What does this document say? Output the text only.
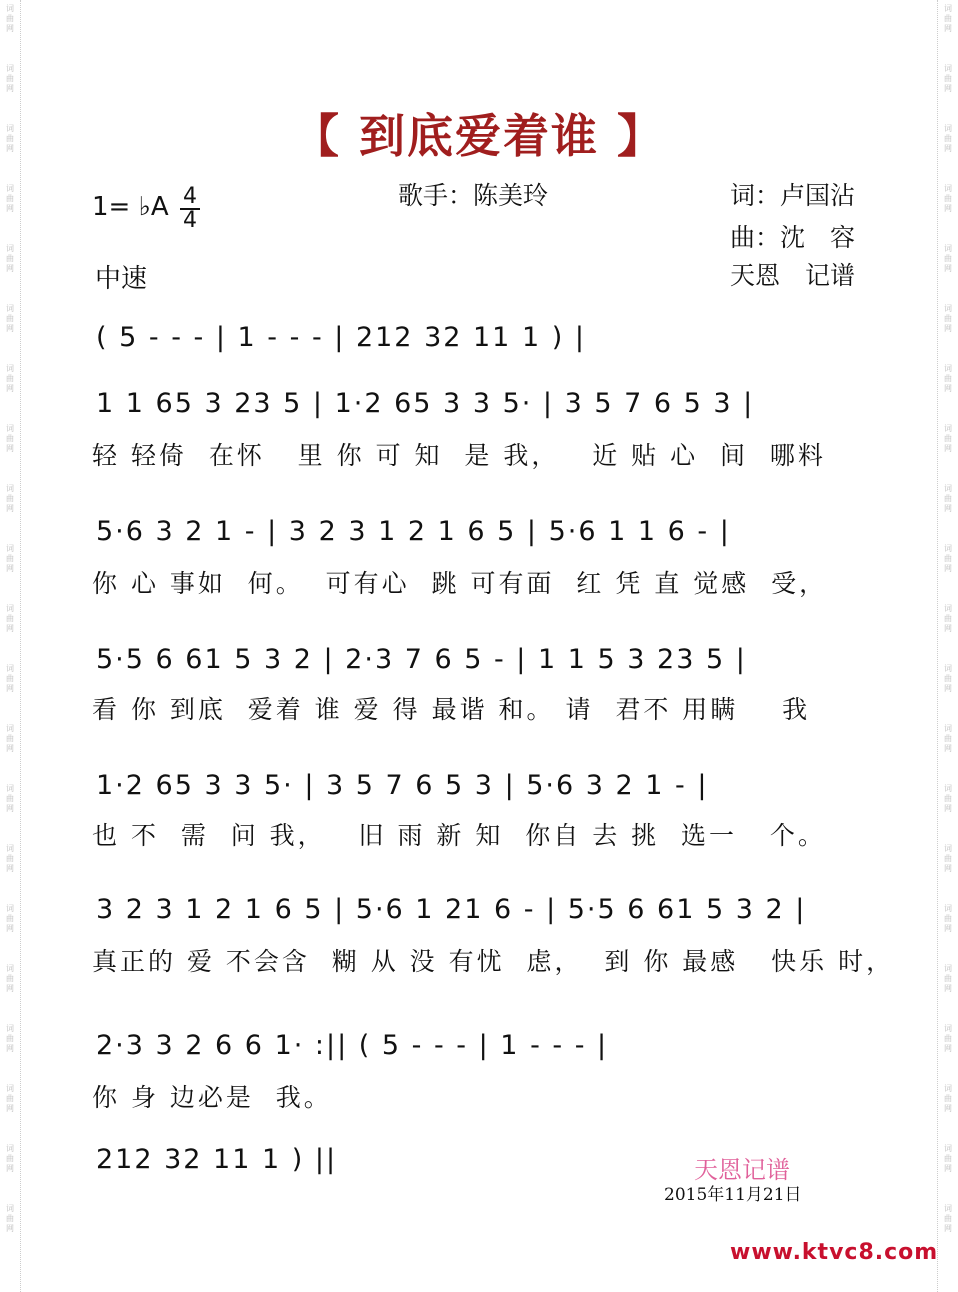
词
曲
网
词
曲
网
词
曲
网
词
曲
网
词
曲
网
词
曲
网
词
曲
网
词
曲
网
词
曲
网
词
曲
网
词
曲
网
词
曲
网
词
曲
网
词
曲
网
词
曲
网
词
曲
网
词
曲
网
词
曲
网
词
曲
网
词
曲
网
词
曲
网
词
曲
网
词
曲
网
词
曲
网
词
曲
网
词
曲
网
词
曲
网
词
曲
网
词
曲
网
词
曲
网
词
曲
网
词
曲
网
词
曲
网
词
曲
网
词
曲
网
词
曲
网
词
曲
网
词
曲
网
词
曲
网
词
曲
网
词
曲
网
词
曲
网
【 到底爱着谁 】
歌手：陈美玲	词：卢国沾
曲：沈　容
天恩　记谱
1= ♭A 4
4
中速
( 5 - - - | 1 - - - | 212 32 11 1 ) |
1 1 65 3 23 5 | 1·2 65 3 3 5· | 3 5 7 6 5 3 |
轻 轻倚  在怀   里 你 可 知  是 我，   近 贴 心  间  哪料
5·6 3 2 1 - | 3 2 3 1 2 1 6 5 | 5·6 1 1 6 - |
你 心 事如  何。  可有心  跳 可有面  红 凭 直 觉感  受，
5·5 6 61 5 3 2 | 2·3 7 6 5 - | 1 1 5 3 23 5 |
看 你 到底  爱着 谁 爱 得 最谐 和。 请  君不 用瞒    我
1·2 65 3 3 5· | 3 5 7 6 5 3 | 5·6 3 2 1 - |
也 不  需  问 我，   旧 雨 新 知  你自 去 挑  选一   个。
3 2 3 1 2 1 6 5 | 5·6 1 21 6 - | 5·5 6 61 5 3 2 |
真正的 爱 不会含  糊 从 没 有忧  虑，  到 你 最感   快乐 时，
2·3 3 2 6 6 1· :|| ( 5 - - - | 1 - - - |
你 身 边必是  我。
212 32 11 1 ) ||	天恩记谱
2015年11月21日
www.ktvc8.com
